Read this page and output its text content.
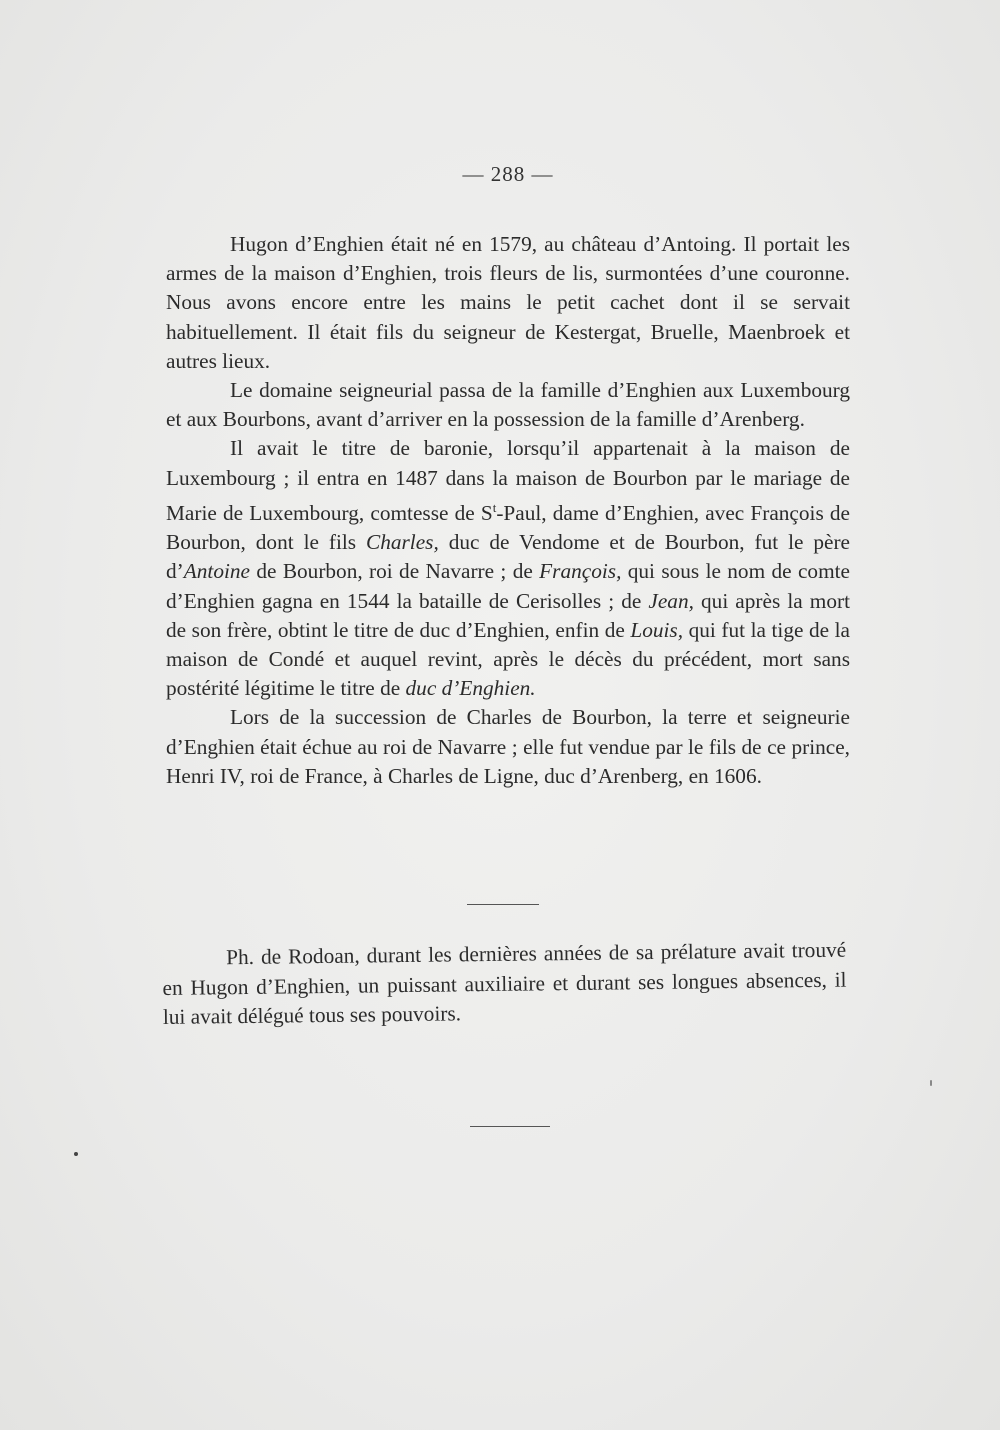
— 288 —

Hugon d’Enghien était né en 1579, au château d’Antoing. Il portait les armes de la maison d’Enghien, trois fleurs de lis, surmontées d’une couronne. Nous avons encore entre les mains le petit cachet dont il se servait habituellement. Il était fils du seigneur de Kestergat, Bruelle, Maenbroek et autres lieux.

Le domaine seigneurial passa de la famille d’Enghien aux Luxembourg et aux Bourbons, avant d’arriver en la possession de la famille d’Arenberg.

Il avait le titre de baronie, lorsqu’il appartenait à la maison de Luxembourg ; il entra en 1487 dans la maison de Bourbon par le mariage de Marie de Luxembourg, comtesse de $S^t$-Paul, dame d’Enghien, avec François de Bourbon, dont le fils Charles, duc de Vendome et de Bourbon, fut le père d’Antoine de Bourbon, roi de Navarre ; de François, qui sous le nom de comte d’Enghien gagna en 1544 la bataille de Cerisolles ; de Jean, qui après la mort de son frère, obtint le titre de duc d’Enghien, enfin de Louis, qui fut la tige de la maison de Condé et auquel revint, après le décès du précédent, mort sans postérité légitime le titre de duc d’Enghien.

Lors de la succession de Charles de Bourbon, la terre et seigneurie d’Enghien était échue au roi de Navarre ; elle fut vendue par le fils de ce prince, Henri IV, roi de France, à Charles de Ligne, duc d’Arenberg, en 1606.

Ph. de Rodoan, durant les dernières années de sa prélature avait trouvé en Hugon d’Enghien, un puissant auxiliaire et durant ses longues absences, il lui avait délégué tous ses pouvoirs.
